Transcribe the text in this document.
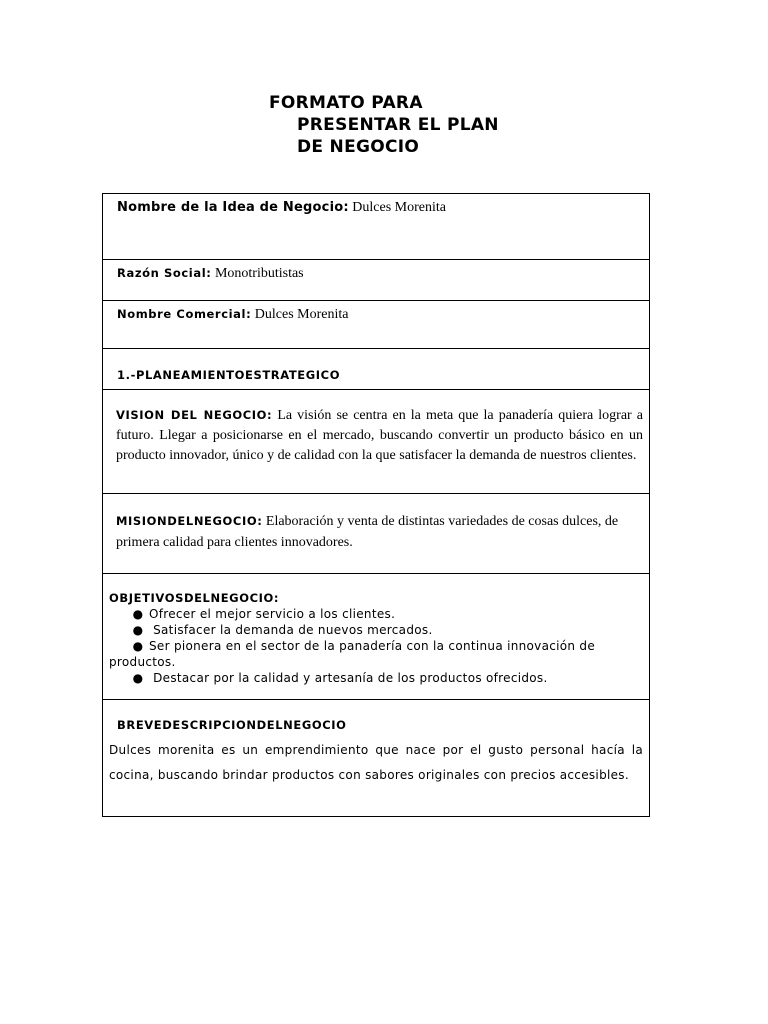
FORMATO PARA
PRESENTAR EL PLAN
DE NEGOCIO
Nombre de la Idea de Negocio: Dulces Morenita
Razón Social: Monotributistas
Nombre Comercial: Dulces Morenita
1.-PLANEAMIENTOESTRATEGICO
VISION DEL NEGOCIO: La visión se centra en la meta que la panadería quiera lograr a futuro. Llegar a posicionarse en el mercado, buscando convertir un producto básico en un producto innovador, único y de calidad con la que satisfacer la demanda de nuestros clientes.
MISIONDELNEGOCIO: Elaboración y venta de distintas variedades de cosas dulces, de primera calidad para clientes innovadores.
OBJETIVOSDELNEGOCIO:
● Ofrecer el mejor servicio a los clientes.
● Satisfacer la demanda de nuevos mercados.
● Ser pionera en el sector de la panadería con la continua innovación de
productos.
● Destacar por la calidad y artesanía de los productos ofrecidos.
BREVEDESCRIPCIONDELNEGOCIO
Dulces morenita es un emprendimiento que nace por el gusto personal hacía la cocina, buscando brindar productos con sabores originales con precios accesibles.
